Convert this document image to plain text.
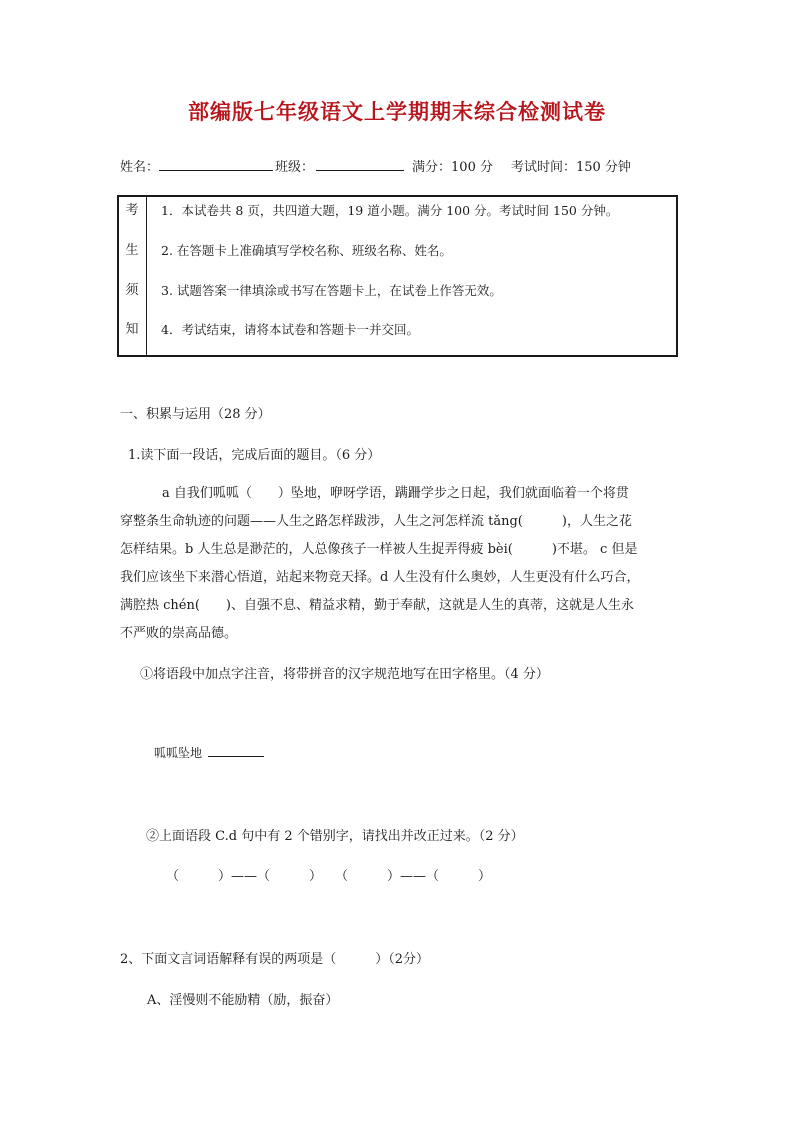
部编版七年级语文上学期期末综合检测试卷
姓名：	班级：	满分：100 分 考试时间：150 分钟
考
生
须
知
1．本试卷共 8 页，共四道大题，19 道小题。满分 100 分。考试时间 150 分钟。
2. 在答题卡上准确填写学校名称、班级名称、姓名。
3. 试题答案一律填涂或书写在答题卡上，在试卷上作答无效。
4．考试结束，请将本试卷和答题卡一并交回。
一、积累与运用（28 分）
1.读下面一段话，完成后面的题目。（6 分）
a 自我们呱呱（　　）坠地，咿呀学语，蹒跚学步之日起，我们就面临着一个将贯
穿整条生命轨迹的问题——人生之路怎样跋涉，人生之河怎样流 tǎng(　　　)，人生之花
怎样结果。b 人生总是渺茫的，人总像孩子一样被人生捉弄得疲 bèi(　　　)不堪。 c 但是
我们应该坐下来潜心悟道，站起来物竞天择。d 人生没有什么奥妙，人生更没有什么巧合，
满腔热 chén(　　)、自强不息、精益求精，勤于奉献，这就是人生的真蒂，这就是人生永
不严败的崇高品德。
①将语段中加点字注音，将带拼音的汉字规范地写在田字格里。（4 分）
呱呱坠地
②上面语段 C.d 句中有 2 个错别字，请找出并改正过来。（2 分）
（　　　）——（　　　）　　（　　　）——（　　　）
2、下面文言词语解释有误的两项是（　　　）（2分）
A、淫慢则不能励精（励，振奋）
